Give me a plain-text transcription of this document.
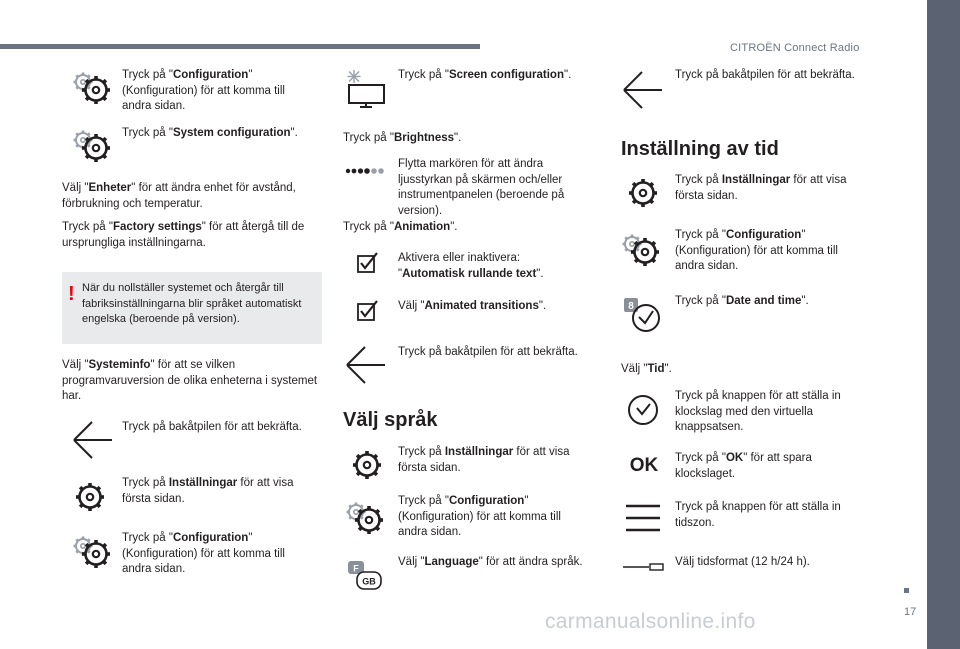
CITROËN Connect Radio
17
carmanualsonline.info
Tryck på "Configuration" (Konfiguration) för att komma till andra sidan.
Tryck på "System configuration".
Välj "Enheter" för att ändra enhet för avstånd, förbrukning och temperatur.
Tryck på "Factory settings" för att återgå till de ursprungliga inställningarna.
! När du nollställer systemet och återgår till fabriksinställningarna blir språket automatiskt engelska (beroende på version).
Välj "Systeminfo" för att se vilken programvaruversion de olika enheterna i systemet har.
Tryck på bakåtpilen för att bekräfta.
Tryck på Inställningar för att visa första sidan.
Tryck på "Configuration" (Konfiguration) för att komma till andra sidan.
Tryck på "Screen configuration".
Tryck på "Brightness".
Flytta markören för att ändra ljusstyrkan på skärmen och/eller instrumentpanelen (beroende på version).
Tryck på "Animation".
Aktivera eller inaktivera: "Automatisk rullande text".
Välj "Animated transitions".
Tryck på bakåtpilen för att bekräfta.
Välj språk
Tryck på Inställningar för att visa första sidan.
Tryck på "Configuration" (Konfiguration) för att komma till andra sidan.
F
GB
Välj "Language" för att ändra språk.
Tryck på bakåtpilen för att bekräfta.
Inställning av tid
Tryck på Inställningar för att visa första sidan.
Tryck på "Configuration" (Konfiguration) för att komma till andra sidan.
8	Tryck på "Date and time".
Välj "Tid".
Tryck på knappen för att ställa in klockslag med den virtuella knappsatsen.
OK Tryck på "OK" för att spara klockslaget.
Tryck på knappen för att ställa in tidszon.
Välj tidsformat (12 h/24 h).
